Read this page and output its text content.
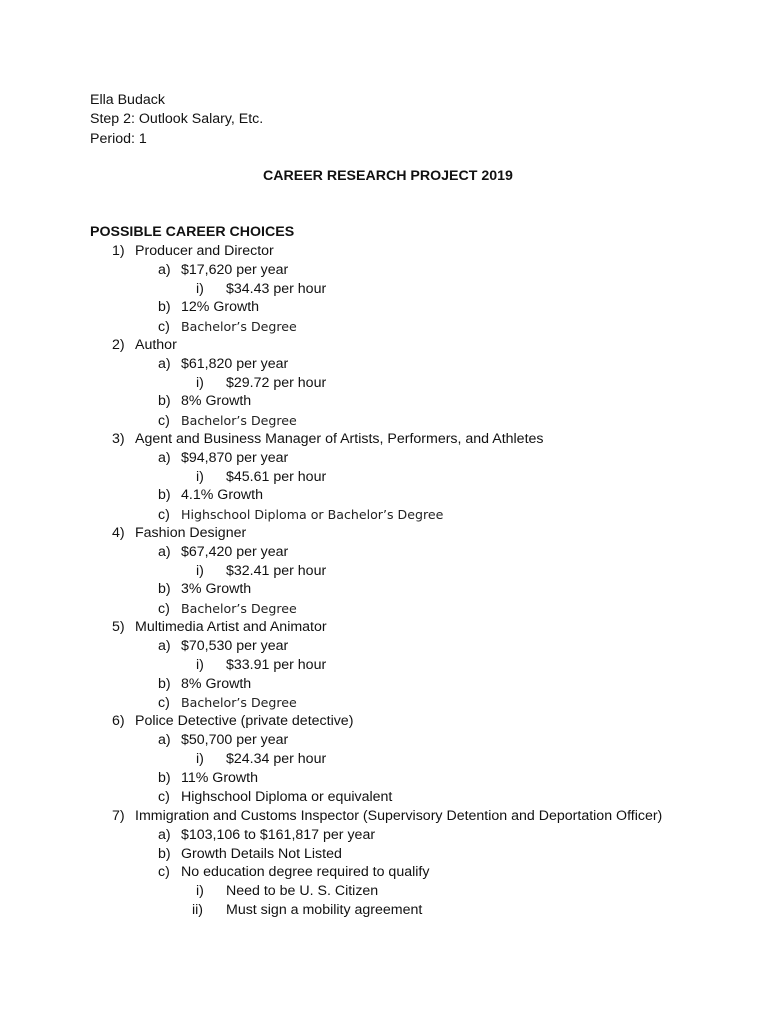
Ella Budack
Step 2: Outlook Salary, Etc.
Period: 1
CAREER RESEARCH PROJECT 2019
POSSIBLE CAREER CHOICES
1) Producer and Director
a) $17,620 per year
i) $34.43 per hour
b) 12% Growth
c) Bachelor’s Degree
2) Author
a) $61,820 per year
i) $29.72 per hour
b) 8% Growth
c) Bachelor’s Degree
3) Agent and Business Manager of Artists, Performers, and Athletes
a) $94,870 per year
i) $45.61 per hour
b) 4.1% Growth
c) Highschool Diploma or Bachelor’s Degree
4) Fashion Designer
a) $67,420 per year
i) $32.41 per hour
b) 3% Growth
c) Bachelor’s Degree
5) Multimedia Artist and Animator
a) $70,530 per year
i) $33.91 per hour
b) 8% Growth
c) Bachelor’s Degree
6) Police Detective (private detective)
a) $50,700 per year
i) $24.34 per hour
b) 11% Growth
c) Highschool Diploma or equivalent
7) Immigration and Customs Inspector (Supervisory Detention and Deportation Officer)
a) $103,106 to $161,817 per year
b) Growth Details Not Listed
c) No education degree required to qualify
i) Need to be U. S. Citizen
ii) Must sign a mobility agreement
